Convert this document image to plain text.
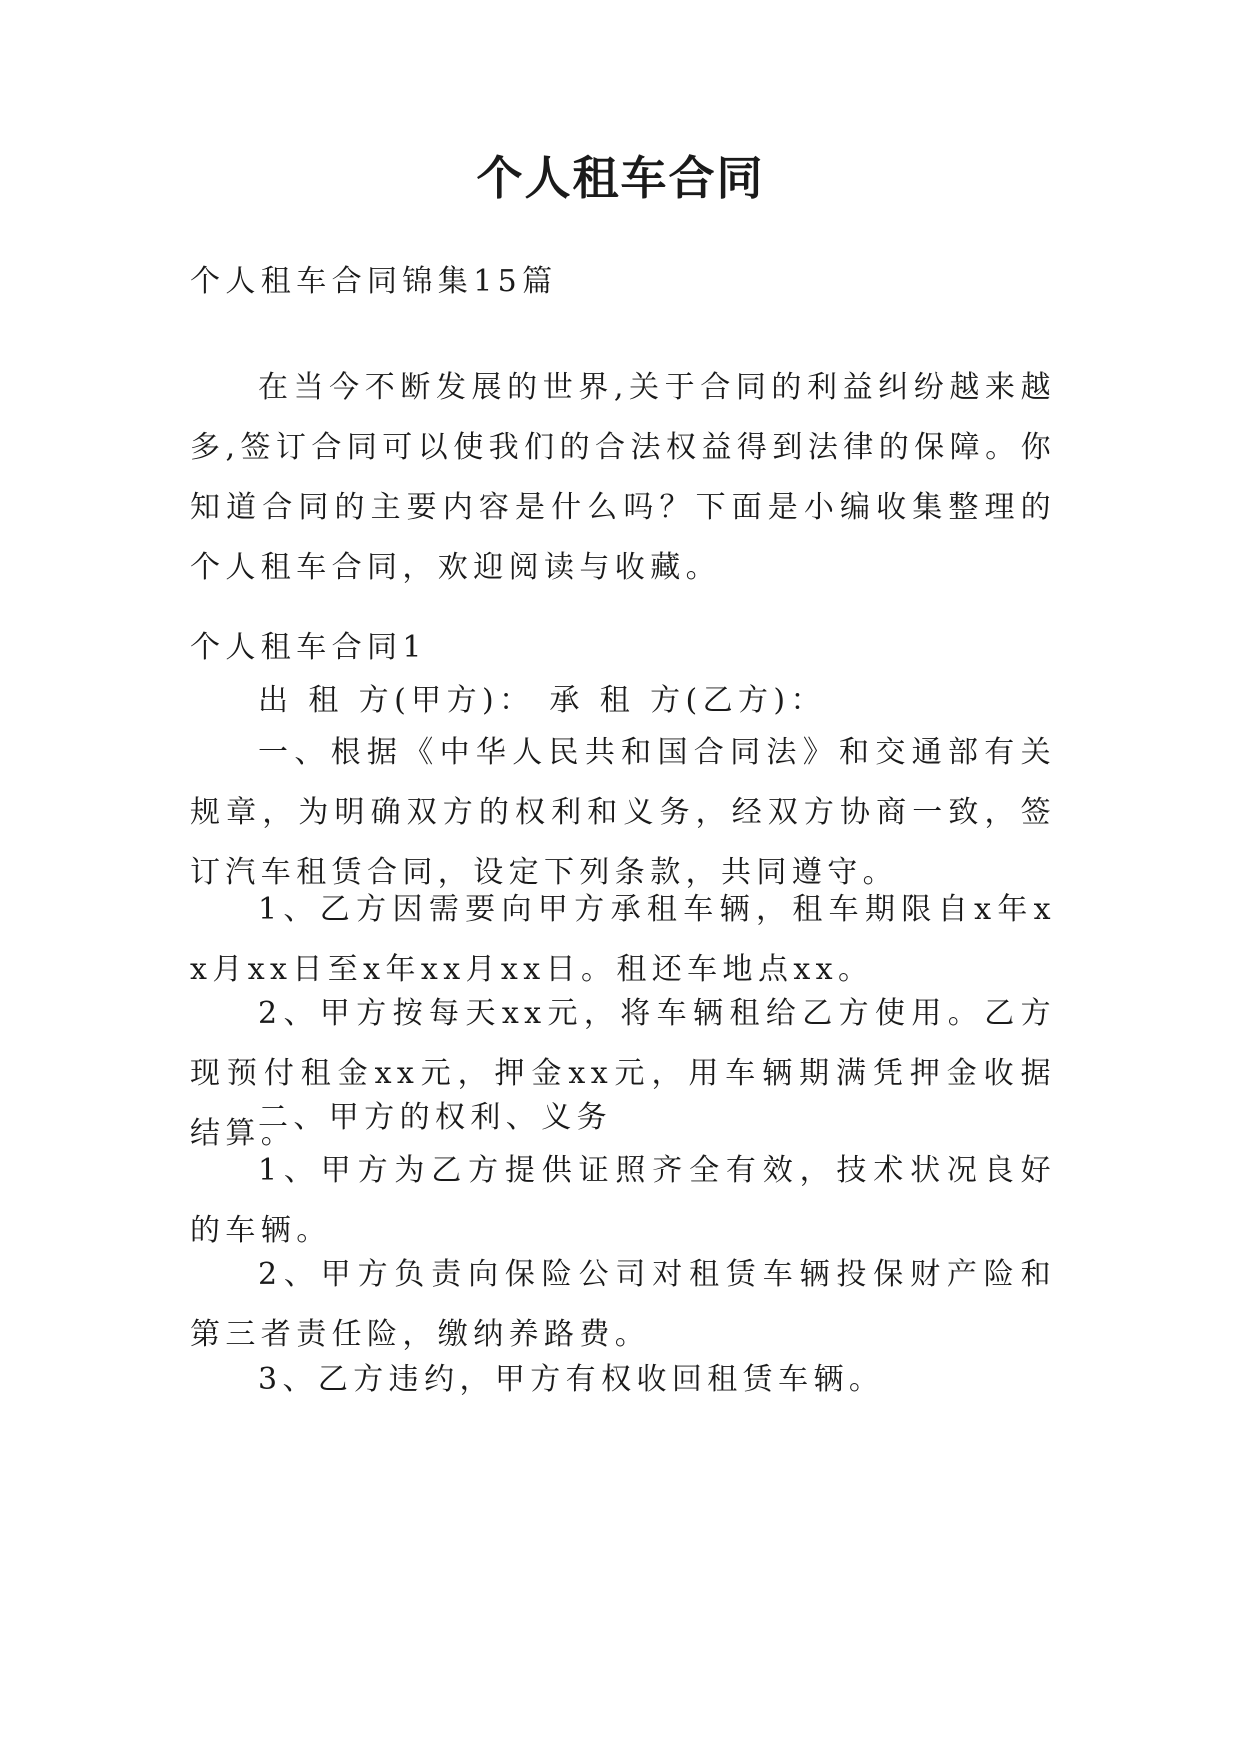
个人租车合同

个人租车合同锦集15篇

在当今不断发展的世界,关于合同的利益纠纷越来越多,签订合同可以使我们的合法权益得到法律的保障。你知道合同的主要内容是什么吗？下面是小编收集整理的个人租车合同，欢迎阅读与收藏。

个人租车合同1

出 租 方(甲方)： 承 租 方(乙方)：

一、根据《中华人民共和国合同法》和交通部有关规章，为明确双方的权利和义务，经双方协商一致，签订汽车租赁合同，设定下列条款，共同遵守。

1、乙方因需要向甲方承租车辆，租车期限自x年xx月xx日至x年xx月xx日。租还车地点xx。

2、甲方按每天xx元，将车辆租给乙方使用。乙方现预付租金xx元，押金xx元，用车辆期满凭押金收据结算。

二、甲方的权利、义务

1、甲方为乙方提供证照齐全有效，技术状况良好的车辆。

2、甲方负责向保险公司对租赁车辆投保财产险和第三者责任险，缴纳养路费。

3、乙方违约，甲方有权收回租赁车辆。
